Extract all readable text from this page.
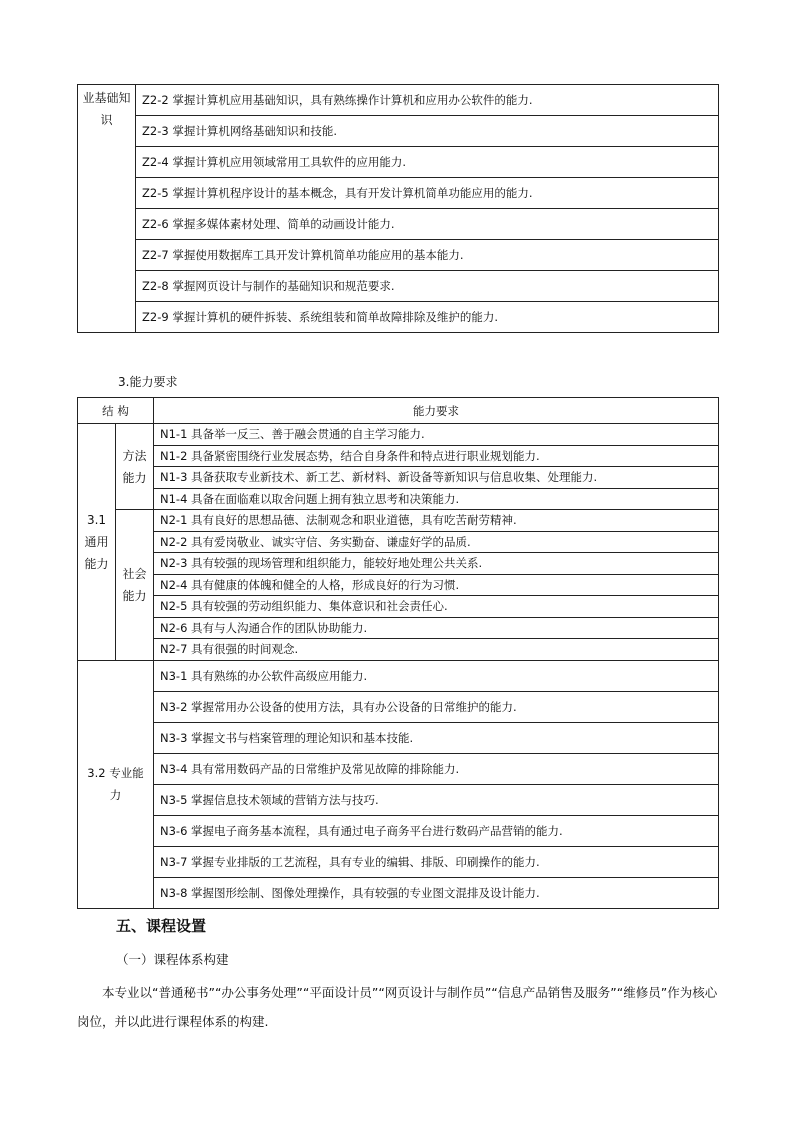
业基础知识	Z2-2 掌握计算机应用基础知识，具有熟练操作计算机和应用办公软件的能力.
Z2-3 掌握计算机网络基础知识和技能.
Z2-4 掌握计算机应用领域常用工具软件的应用能力.
Z2-5 掌握计算机程序设计的基本概念，具有开发计算机简单功能应用的能力.
Z2-6 掌握多媒体素材处理、简单的动画设计能力.
Z2-7 掌握使用数据库工具开发计算机简单功能应用的基本能力.
Z2-8 掌握网页设计与制作的基础知识和规范要求.
Z2-9 掌握计算机的硬件拆装、系统组装和简单故障排除及维护的能力.
3.能力要求
结 构		能力要求
3.1 通用能力	方法能力	N1-1 具备举一反三、善于融会贯通的自主学习能力.
		N1-2 具备紧密围绕行业发展态势，结合自身条件和特点进行职业规划能力.
		N1-3 具备获取专业新技术、新工艺、新材料、新设备等新知识与信息收集、处理能力.
		N1-4 具备在面临难以取舍问题上拥有独立思考和决策能力.
	社会能力	N2-1 具有良好的思想品德、法制观念和职业道德，具有吃苦耐劳精神.
		N2-2 具有爱岗敬业、诚实守信、务实勤奋、谦虚好学的品质.
		N2-3 具有较强的现场管理和组织能力，能较好地处理公共关系.
		N2-4 具有健康的体魄和健全的人格，形成良好的行为习惯.
		N2-5 具有较强的劳动组织能力、集体意识和社会责任心.
		N2-6 具有与人沟通合作的团队协助能力.
		N2-7 具有很强的时间观念.
3.2 专业能力		N3-1 具有熟练的办公软件高级应用能力.
		N3-2 掌握常用办公设备的使用方法，具有办公设备的日常维护的能力.
		N3-3 掌握文书与档案管理的理论知识和基本技能.
		N3-4 具有常用数码产品的日常维护及常见故障的排除能力.
		N3-5 掌握信息技术领域的营销方法与技巧.
		N3-6 掌握电子商务基本流程，具有通过电子商务平台进行数码产品营销的能力.
		N3-7 掌握专业排版的工艺流程，具有专业的编辑、排版、印刷操作的能力.
		N3-8 掌握图形绘制、图像处理操作，具有较强的专业图文混排及设计能力.
五、课程设置
（一）课程体系构建
本专业以“普通秘书”“办公事务处理”“平面设计员”“网页设计与制作员”“信息产品销售及服务”“维修员”作为核心岗位，并以此进行课程体系的构建.
